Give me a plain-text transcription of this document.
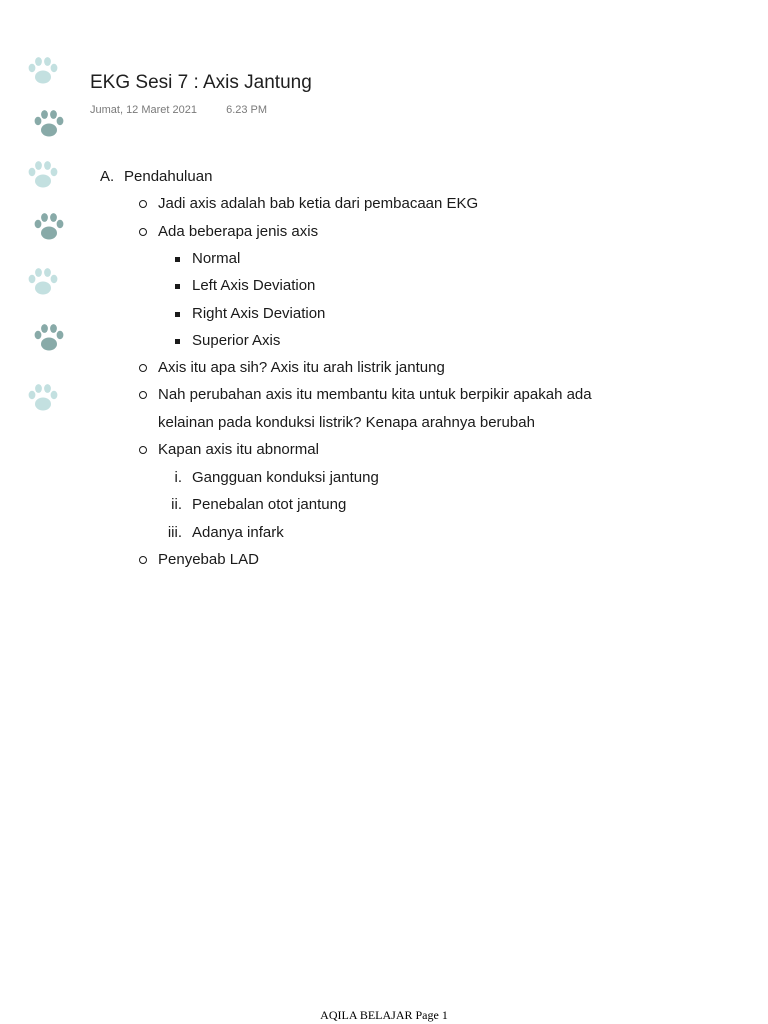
EKG Sesi 7 : Axis Jantung
Jumat, 12 Maret 2021	6.23 PM
A. Pendahuluan
Jadi axis adalah bab ketia dari pembacaan EKG
Ada beberapa jenis axis
Normal
Left Axis Deviation
Right Axis Deviation
Superior Axis
Axis itu apa sih? Axis itu arah listrik jantung
Nah perubahan axis itu membantu kita untuk berpikir apakah ada
kelainan pada konduksi listrik? Kenapa arahnya berubah
Kapan axis itu abnormal
i. Gangguan konduksi jantung
ii. Penebalan otot jantung
iii. Adanya infark
Penyebab LAD
AQILA BELAJAR Page 1
